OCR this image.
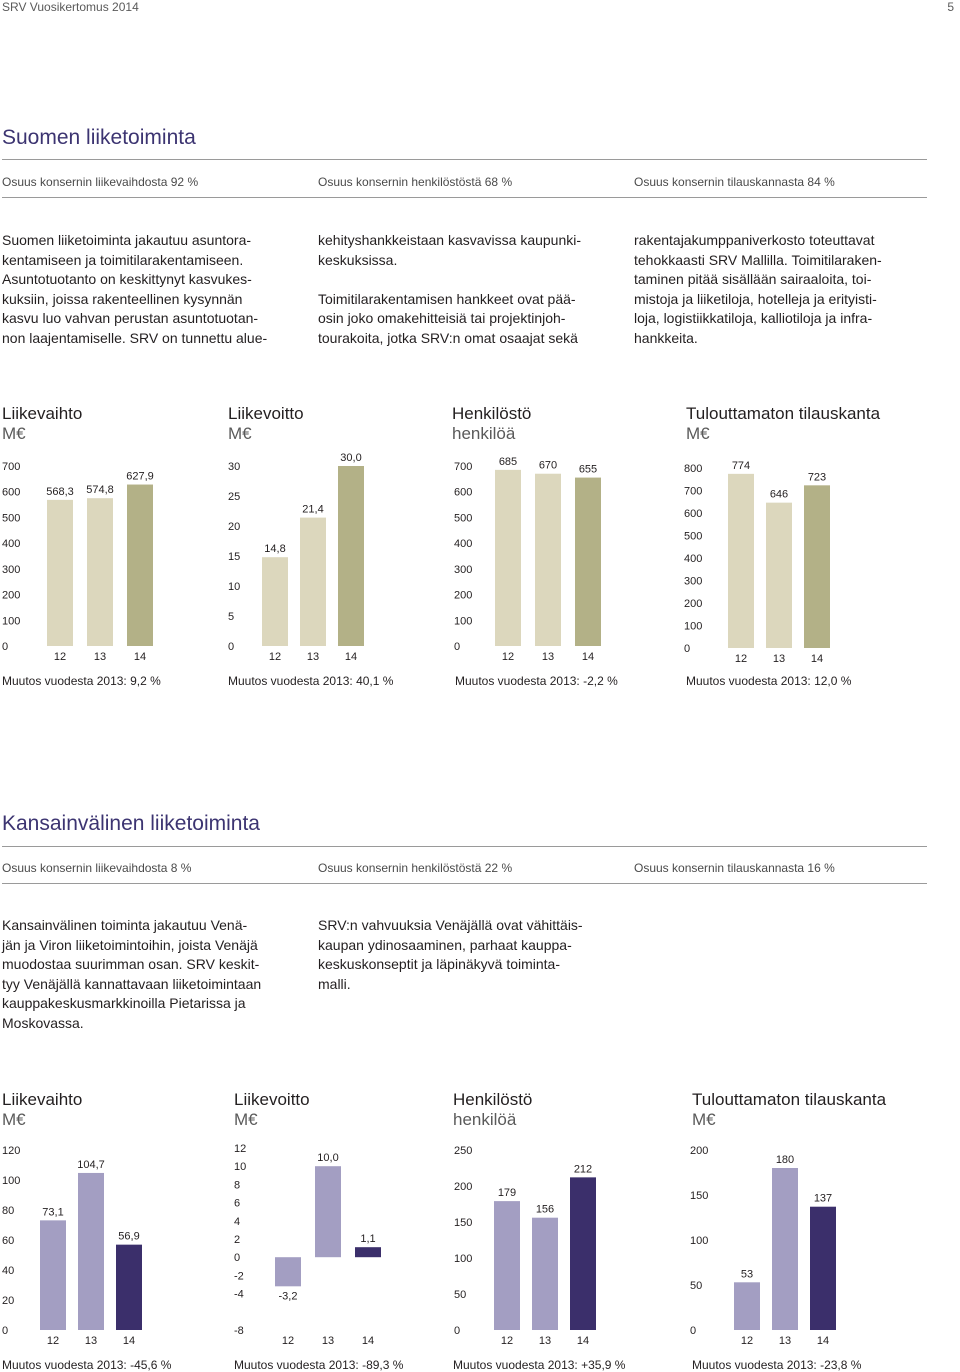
SRV Vuosikertomus 2014	5
Suomen liiketoiminta
Osuus konsernin liikevaihdosta 92 %	Osuus konsernin henkilöstöstä 68 %	Osuus konsernin tilauskannasta 84 %
Suomen liiketoiminta jakautuu asuntora-
kentamiseen ja toimitilarakentamiseen.
Asuntotuotanto on keskittynyt kasvukes-
kuksiin, joissa rakenteellinen kysynnän
kasvu luo vahvan perustan asuntotuotan-
non laajentamiselle. SRV on tunnettu alue-
kehityshankkeistaan kasvavissa kaupunki-
keskuksissa.

Toimitilarakentamisen hankkeet ovat pää-
osin joko omakehitteisiä tai projektinjoh-
tourakoita, jotka SRV:n omat osaajat sekä
rakentajakumppaniverkosto toteuttavat
tehokkaasti SRV Mallilla. Toimitilaraken-
taminen pitää sisällään sairaaloita, toi-
mistoja ja liiketiloja, hotelleja ja erityisti-
loja, logistiikkatiloja, kalliotiloja ja infra-
hankkeita.
Liikevaihto
M€
Liikevoitto
M€
Henkilöstö
henkilöä
Tulouttamaton tilauskanta
M€
0
100
200
300
400
500
600
700
568,3
12
574,8
13
627,9
14
0
5
10
15
20
25
30
14,8
12
21,4
13
30,0
14
0
100
200
300
400
500
600
700 685
12
670
13
655
14
0
100
200
300
400
500
600
700
800	774
12
646
13
723
14
Muutos vuodesta 2013: 9,2 %	Muutos vuodesta 2013: 40,1 %	Muutos vuodesta 2013: -2,2 %	Muutos vuodesta 2013: 12,0 %
Kansainvälinen liiketoiminta
Osuus konsernin liikevaihdosta 8 %	Osuus konsernin henkilöstöstä 22 %	Osuus konsernin tilauskannasta 16 %
Kansainvälinen toiminta jakautuu Venä-
jän ja Viron liiketoimintoihin, joista Venäjä
muodostaa suurimman osan. SRV keskit-
tyy Venäjällä kannattavaan liiketoimintaan
kauppakeskusmarkkinoilla Pietarissa ja
Moskovassa.
SRV:n vahvuuksia Venäjällä ovat vähittäis-
kaupan ydinosaaminen, parhaat kauppa-
keskuskonseptit ja läpinäkyvä toiminta-
malli.
Liikevaihto
M€
Liikevoitto
M€
Henkilöstö
henkilöä
Tulouttamaton tilauskanta
M€
0
20
40
60
80
100
120
73,1
12
104,7
13
56,9
14
-8
-4
-2
0
2
4
6
8
10
12
-3,2
12
10,0
13
1,1
14
0
50
100
150
200
250
179
12
156
13
212
14
0
50
100
150
200
53
12
180
13
137
14
Muutos vuodesta 2013: -45,6 %	Muutos vuodesta 2013: -89,3 %	Muutos vuodesta 2013: +35,9 %	Muutos vuodesta 2013: -23,8 %
